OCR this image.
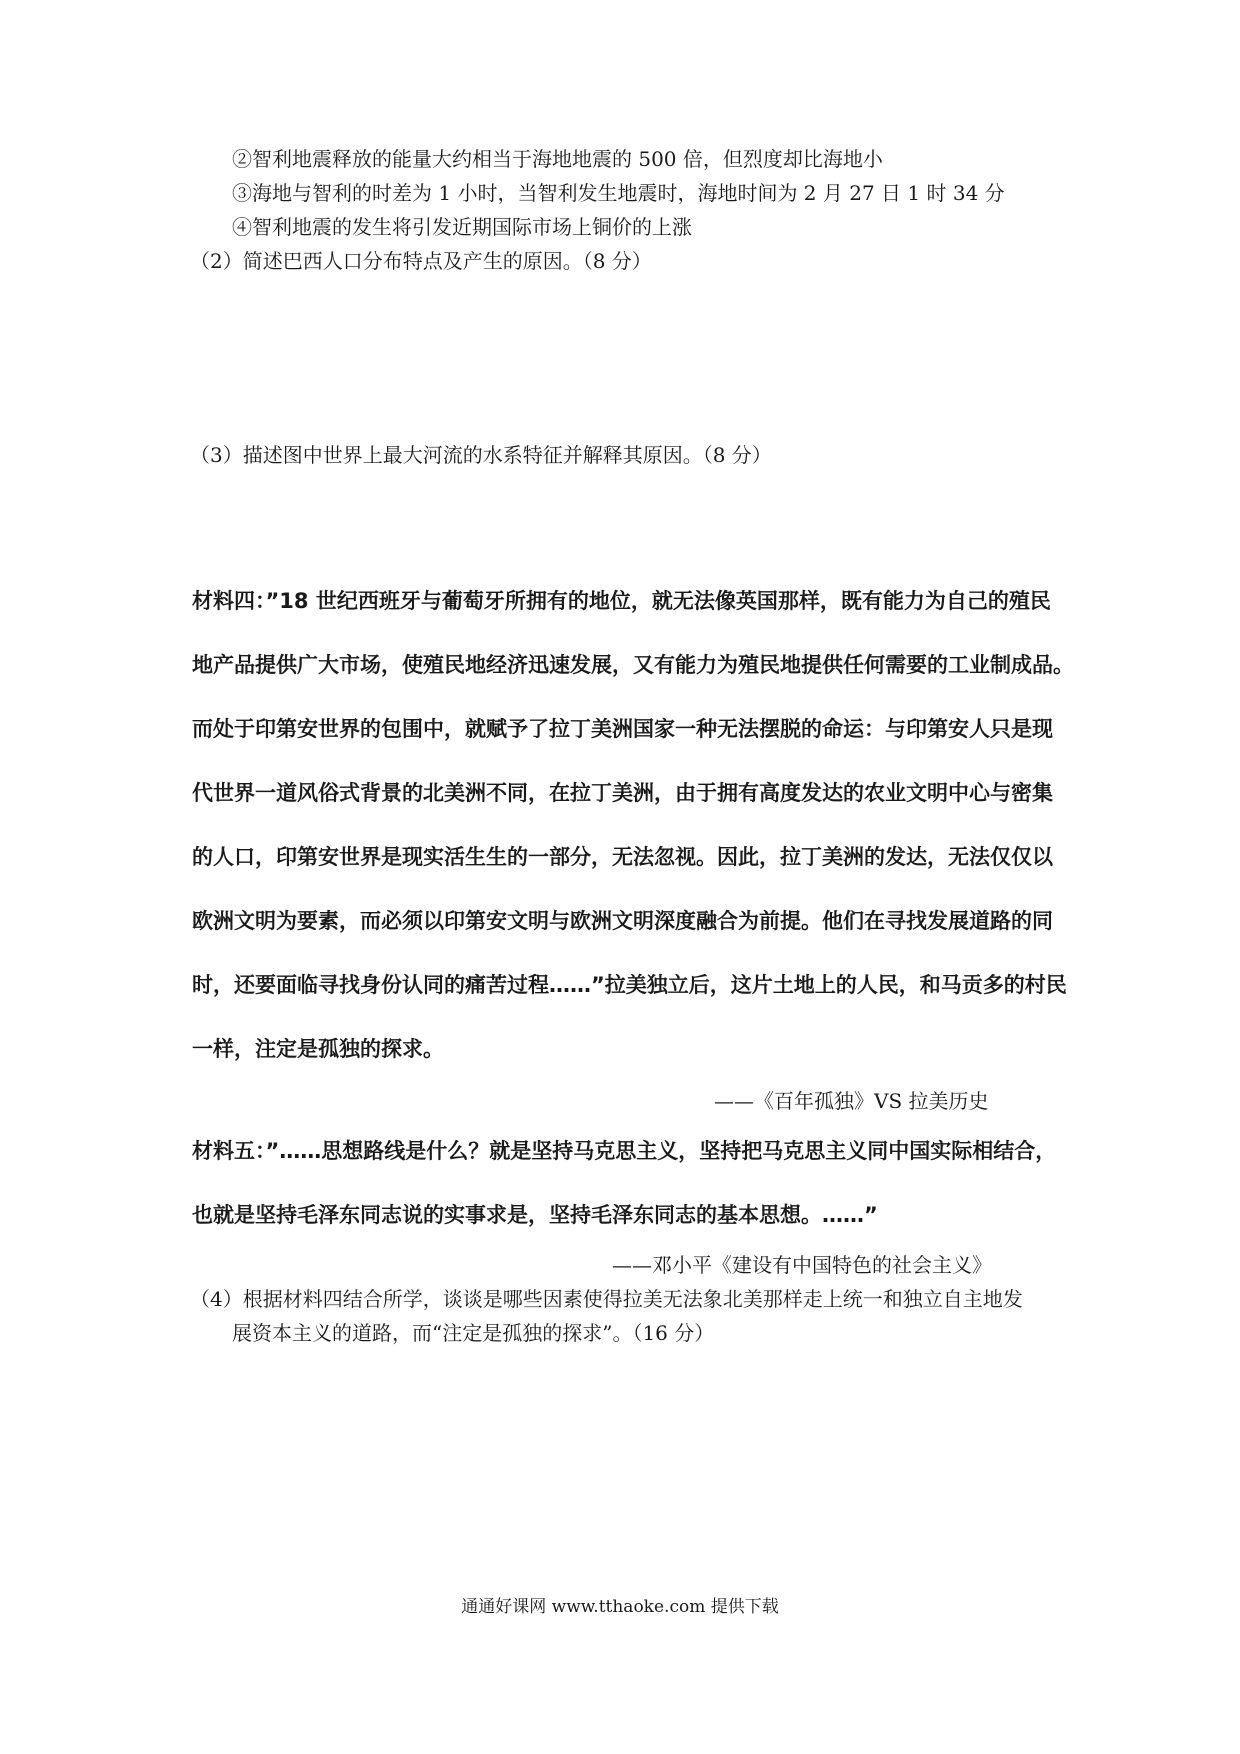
②智利地震释放的能量大约相当于海地地震的 500 倍，但烈度却比海地小
③海地与智利的时差为 1 小时，当智利发生地震时，海地时间为 2 月 27 日 1 时 34 分
④智利地震的发生将引发近期国际市场上铜价的上涨
（2）简述巴西人口分布特点及产生的原因。（8 分）
（3）描述图中世界上最大河流的水系特征并解释其原因。（8 分）
材料四：”18 世纪西班牙与葡萄牙所拥有的地位，就无法像英国那样，既有能力为自己的殖民
地产品提供广大市场，使殖民地经济迅速发展，又有能力为殖民地提供任何需要的工业制成品。
而处于印第安世界的包围中，就赋予了拉丁美洲国家一种无法摆脱的命运：与印第安人只是现
代世界一道风俗式背景的北美洲不同，在拉丁美洲，由于拥有高度发达的农业文明中心与密集
的人口，印第安世界是现实活生生的一部分，无法忽视。因此，拉丁美洲的发达，无法仅仅以
欧洲文明为要素，而必须以印第安文明与欧洲文明深度融合为前提。他们在寻找发展道路的同
时，还要面临寻找身份认同的痛苦过程……”拉美独立后，这片土地上的人民，和马贡多的村民
一样，注定是孤独的探求。
——《百年孤独》VS 拉美历史
材料五：”……思想路线是什么？就是坚持马克思主义，坚持把马克思主义同中国实际相结合，
也就是坚持毛泽东同志说的实事求是，坚持毛泽东同志的基本思想。……”
——邓小平《建设有中国特色的社会主义》
（4）根据材料四结合所学，谈谈是哪些因素使得拉美无法象北美那样走上统一和独立自主地发
展资本主义的道路，而“注定是孤独的探求”。（16 分）
通通好课网 www.tthaoke.com 提供下载
